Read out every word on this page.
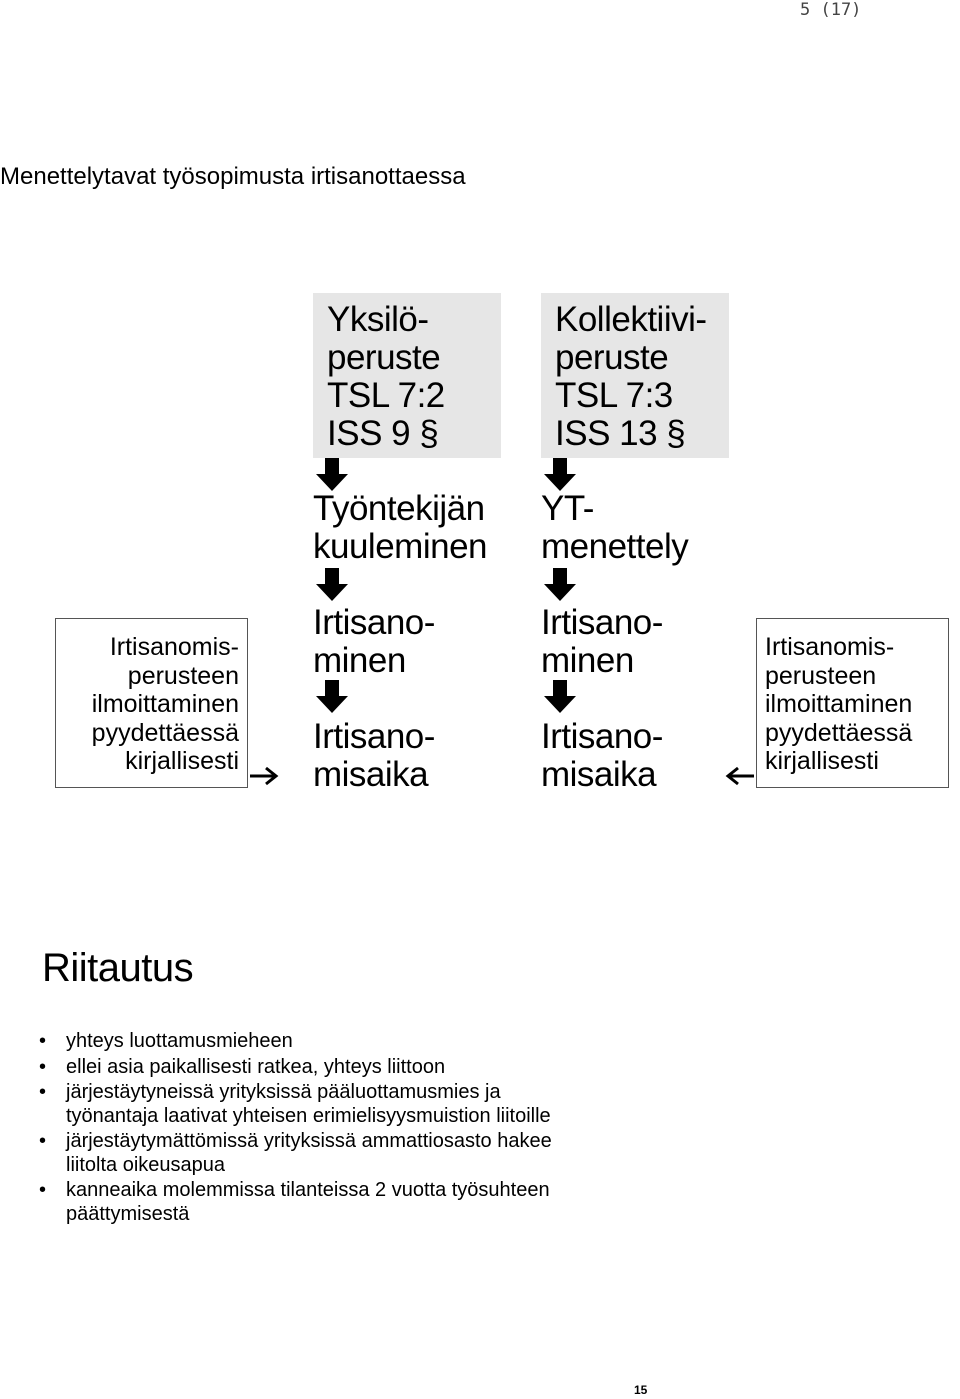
5 (17)
Menettelytavat työsopimusta irtisanottaessa
Yksilö-
peruste
TSL 7:2
ISS 9 §
Kollektiivi-
peruste
TSL 7:3
ISS 13 §
Työntekijän
kuuleminen
Irtisano-
minen
Irtisano-
misaika
YT-
menettely
Irtisano-
minen
Irtisano-
misaika
Irtisanomis-
perusteen
ilmoittaminen
pyydettäessä
kirjallisesti
Irtisanomis-
perusteen
ilmoittaminen
pyydettäessä
kirjallisesti
Riitautus
• yhteys luottamusmieheen
• ellei asia paikallisesti ratkea, yhteys liittoon
• järjestäytyneissä yrityksissä pääluottamusmies ja
työnantaja laativat yhteisen erimielisyysmuistion liitoille
• järjestäytymättömissä yrityksissä ammattiosasto hakee
liitolta oikeusapua
• kanneaika molemmissa tilanteissa 2 vuotta työsuhteen
päättymisestä
15
